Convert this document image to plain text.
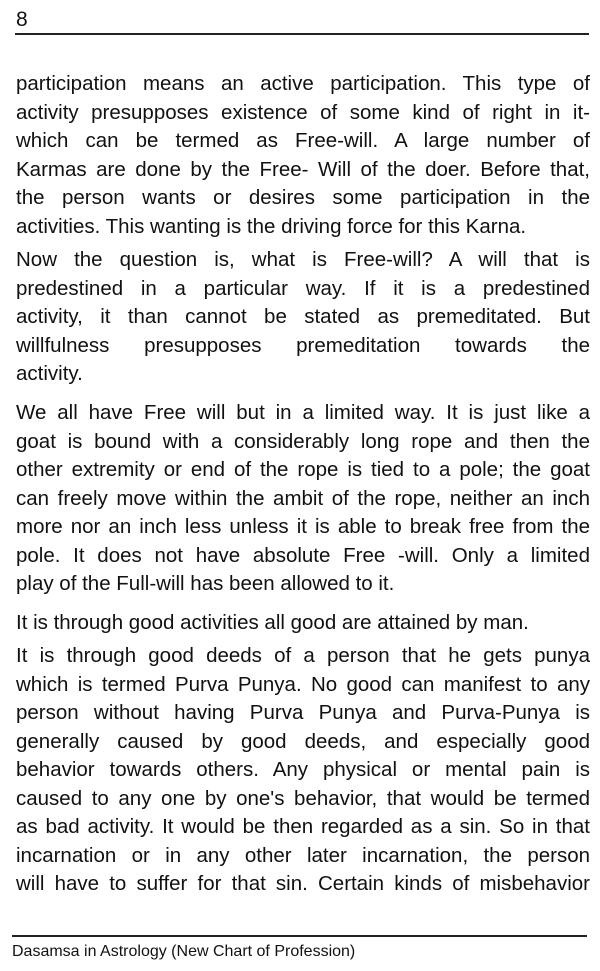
8
participation means an active participation. This type of
activity presupposes existence of some kind of right in it-
which can be termed as Free-will. A large number of
Karmas are done by the Free- Will of the doer. Before that,
the person wants or desires some participation in the
activities. This wanting is the driving force for this Karna.
Now the question is, what is Free-will? A will that is
predestined in a particular way. If it is a predestined
activity, it than cannot be stated as premeditated. But
willfulness presupposes premeditation towards the
activity.
We all have Free will but in a limited way. It is just like a
goat is bound with a considerably long rope and then the
other extremity or end of the rope is tied to a pole; the goat
can freely move within the ambit of the rope, neither an inch
more nor an inch less unless it is able to break free from the
pole. It does not have absolute Free -will. Only a limited
play of the Full-will has been allowed to it.
It is through good activities all good are attained by man.
It is through good deeds of a person that he gets punya
which is termed Purva Punya. No good can manifest to any
person without having Purva Punya and Purva-Punya is
generally caused by good deeds, and especially good
behavior towards others. Any physical or mental pain is
caused to any one by one's behavior, that would be termed
as bad activity. It would be then regarded as a sin. So in that
incarnation or in any other later incarnation, the person
will have to suffer for that sin. Certain kinds of misbehavior
Dasamsa in Astrology (New Chart of Profession)
